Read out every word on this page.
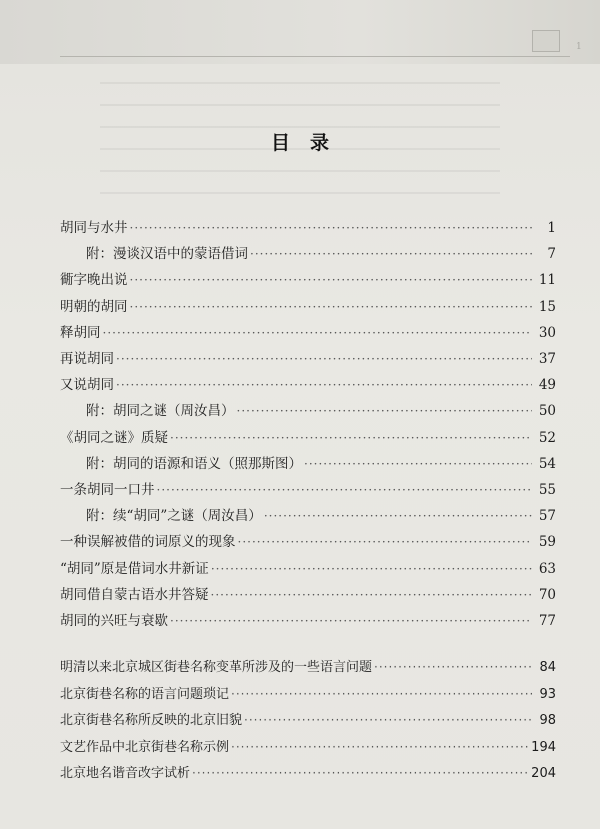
1
目录
胡同与水井 ·····	1
附：漫谈汉语中的蒙语借词 ·····	7
衚字晚出说 ·····	11
明朝的胡同 ·····	15
释胡同 ·····	30
再说胡同 ·····	37
又说胡同 ·····	49
附：胡同之谜（周汝昌） ·····	50
《胡同之谜》质疑 ·····	52
附：胡同的语源和语义（照那斯图） ·····	54
一条胡同一口井 ·····	55
附：续“胡同”之谜（周汝昌） ·····	57
一种误解被借的词原义的现象 ·····	59
“胡同”原是借词水井新证 ·····	63
胡同借自蒙古语水井答疑 ·····	70
胡同的兴旺与衰歇 ·····	77
明清以来北京城区街巷名称变革所涉及的一些语言问题 ·····	84
北京街巷名称的语言问题琐记 ·····	93
北京街巷名称所反映的北京旧貌 ·····	98
文艺作品中北京街巷名称示例 ·····	194
北京地名谐音改字试析 ·····	204
